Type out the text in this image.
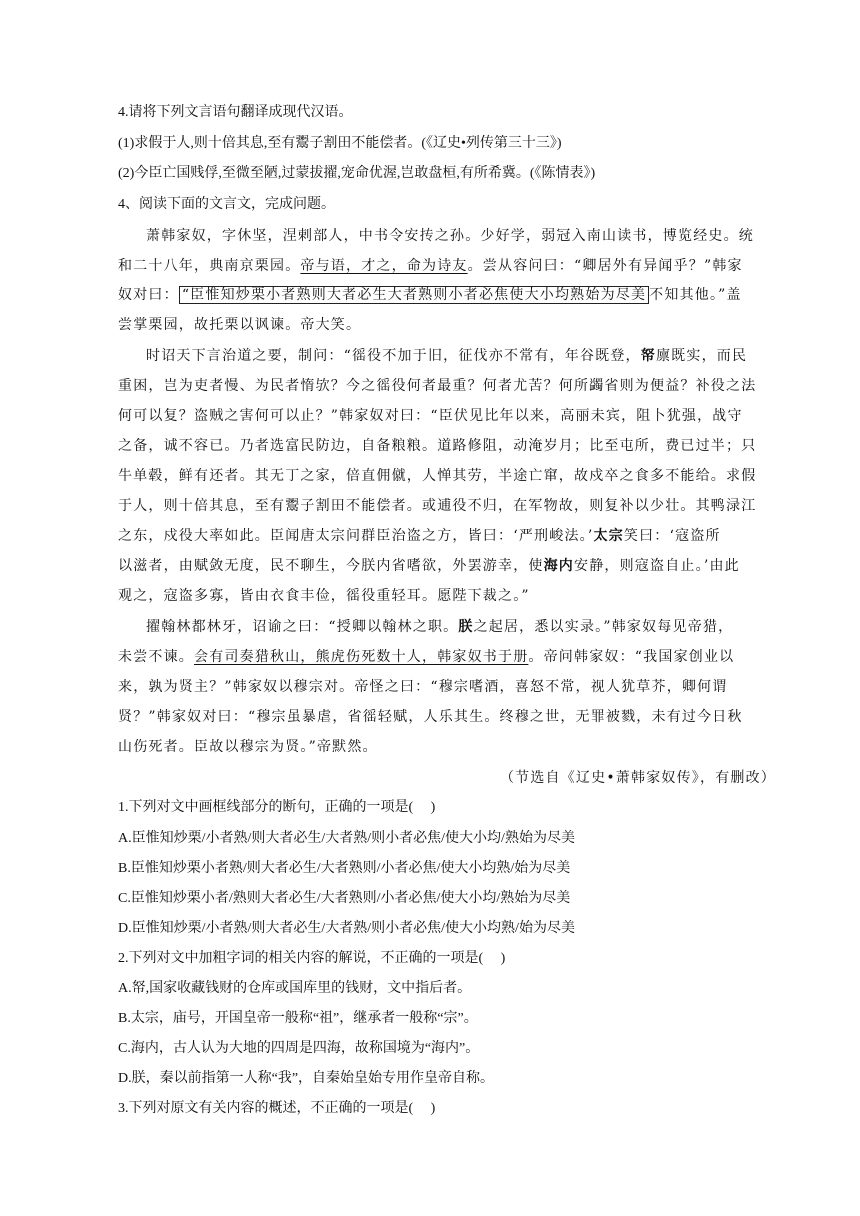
4.请将下列文言语句翻译成现代汉语。
(1)求假于人,则十倍其息,至有鬻子割田不能偿者。(《辽史•列传第三十三》)
(2)今臣亡国贱俘,至微至陋,过蒙拔擢,宠命优渥,岂敢盘桓,有所希冀。(《陈情表》)
4、阅读下面的文言文，完成问题。
萧韩家奴，字休坚，涅剌部人，中书令安抟之孙。少好学，弱冠入南山读书，博览经史。统
和二十八年，典南京栗园。帝与语，才之，命为诗友。尝从容问曰：“卿居外有异闻乎？”韩家
奴对曰： “臣惟知炒栗小者熟则大者必生大者熟则小者必焦使大小均熟始为尽美 不知其他。”盖
尝掌栗园，故托栗以讽谏。帝大笑。
时诏天下言治道之要，制问：“徭役不加于旧，征伐亦不常有，年谷既登，帑廪既实，而民
重困，岂为吏者慢、为民者惰欤？今之徭役何者最重？何者尤苦？何所蠲省则为便益？补役之法
何可以复？盗贼之害何可以止？”韩家奴对曰：“臣伏见比年以来，高丽未宾，阻卜犹强，战守
之备，诚不容已。乃者选富民防边，自备粮粮。道路修阻，动淹岁月；比至屯所，费已过半；只
牛单毂，鲜有还者。其无丁之家，倍直佣僦，人惮其劳，半途亡窜，故戍卒之食多不能给。求假
于人，则十倍其息，至有鬻子割田不能偿者。或逋役不归，在军物故，则复补以少壮。其鸭渌江
之东，戍役大率如此。臣闻唐太宗问群臣治盗之方，皆曰：‘严刑峻法。’太宗笑曰：‘寇盗所
以滋者，由赋敛无度，民不聊生，今朕内省嗜欲，外罢游幸，使海内安静，则寇盗自止。’由此
观之，寇盗多寡，皆由衣食丰俭，徭役重轻耳。愿陛下裁之。”
擢翰林都林牙，诏谕之曰：“授卿以翰林之职。朕之起居，悉以实录。”韩家奴每见帝猎，
未尝不谏。会有司奏猎秋山，熊虎伤死数十人，韩家奴书于册。帝问韩家奴：“我国家创业以
来，孰为贤主？”韩家奴以穆宗对。帝怪之曰：“穆宗嗜酒，喜怒不常，视人犹草芥，卿何谓
贤？”韩家奴对曰：“穆宗虽暴虐，省徭轻赋，人乐其生。终穆之世，无罪被戮，未有过今日秋
山伤死者。臣故以穆宗为贤。”帝默然。
（节选自《辽史•萧韩家奴传》，有删改）
1.下列对文中画框线部分的断句，正确的一项是(　 )
A.臣惟知炒栗/小者熟/则大者必生/大者熟/则小者必焦/使大小均/熟始为尽美
B.臣惟知炒栗小者熟/则大者必生/大者熟则/小者必焦/使大小均熟/始为尽美
C.臣惟知炒栗小者/熟则大者必生/大者熟则/小者必焦/使大小均/熟始为尽美
D.臣惟知炒栗/小者熟/则大者必生/大者熟/则小者必焦/使大小均熟/始为尽美
2.下列对文中加粗字词的相关内容的解说，不正确的一项是(　 )
A.帑,国家收藏钱财的仓库或国库里的钱财，文中指后者。
B.太宗，庙号，开国皇帝一般称“祖”，继承者一般称“宗”。
C.海内，古人认为大地的四周是四海，故称国境为“海内”。
D.朕，秦以前指第一人称“我”，自秦始皇始专用作皇帝自称。
3.下列对原文有关内容的概述，不正确的一项是(　 )
